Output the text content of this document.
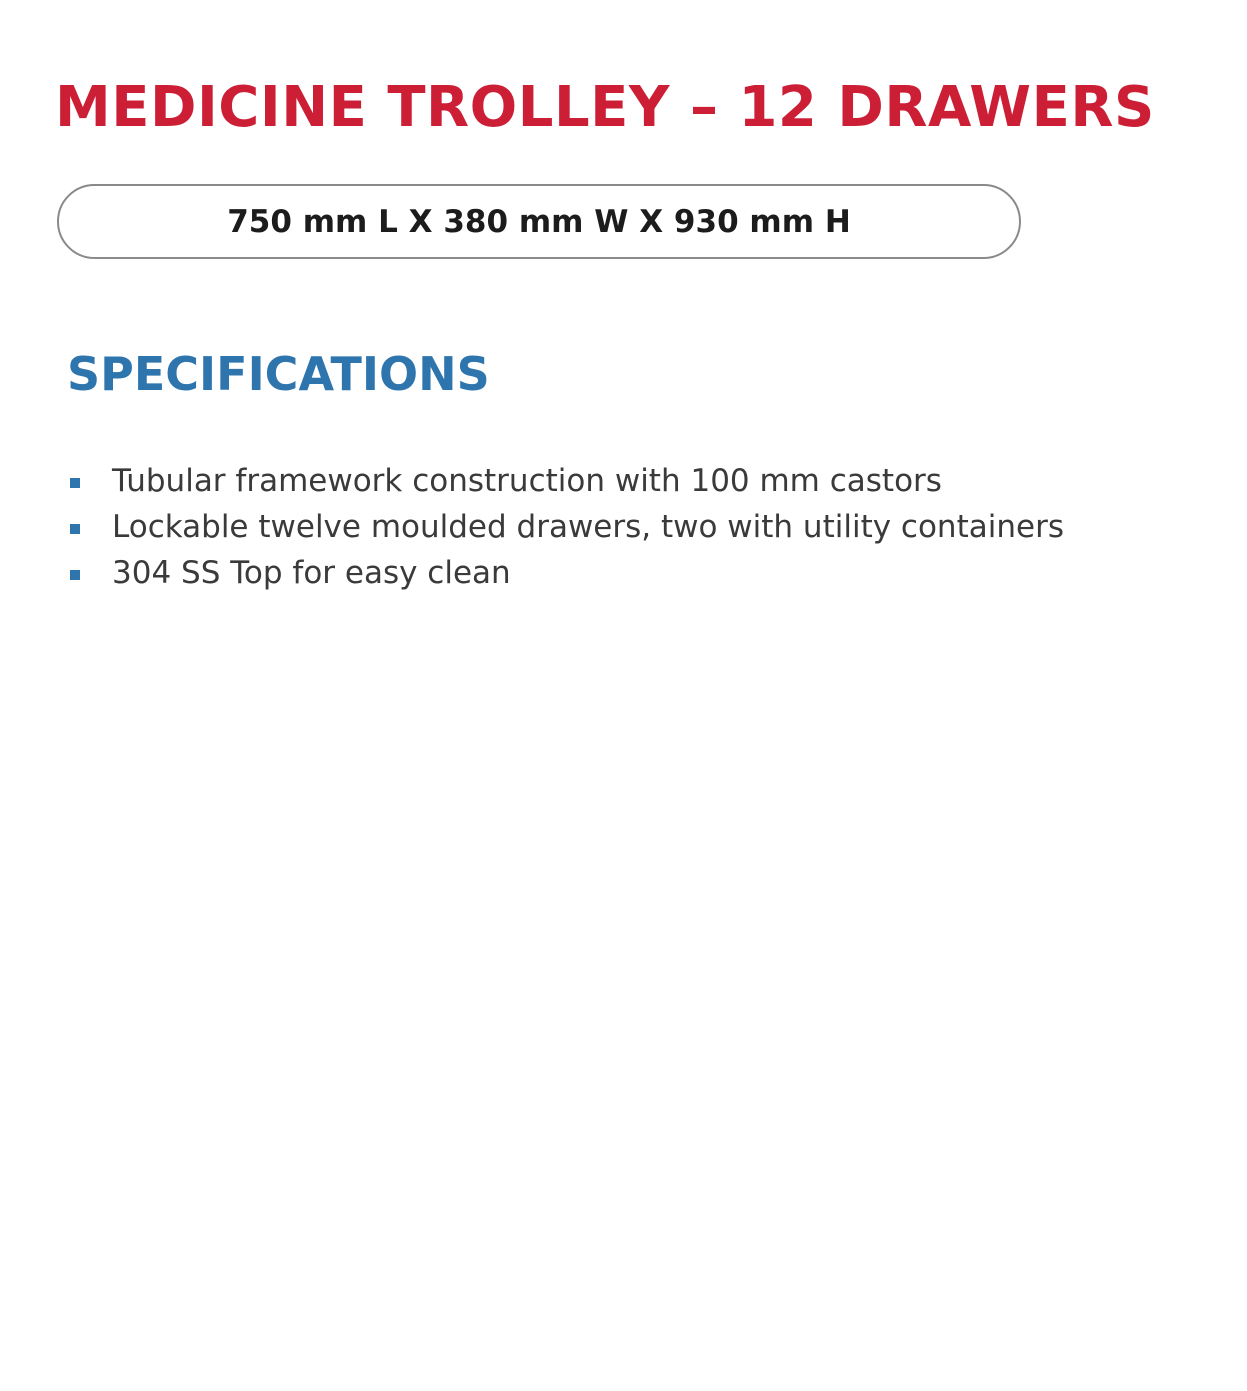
MEDICINE TROLLEY – 12 DRAWERS
750 mm L X 380 mm W X 930 mm H
SPECIFICATIONS
Tubular framework construction with 100 mm castors
Lockable twelve moulded drawers, two with utility containers
304 SS Top for easy clean
